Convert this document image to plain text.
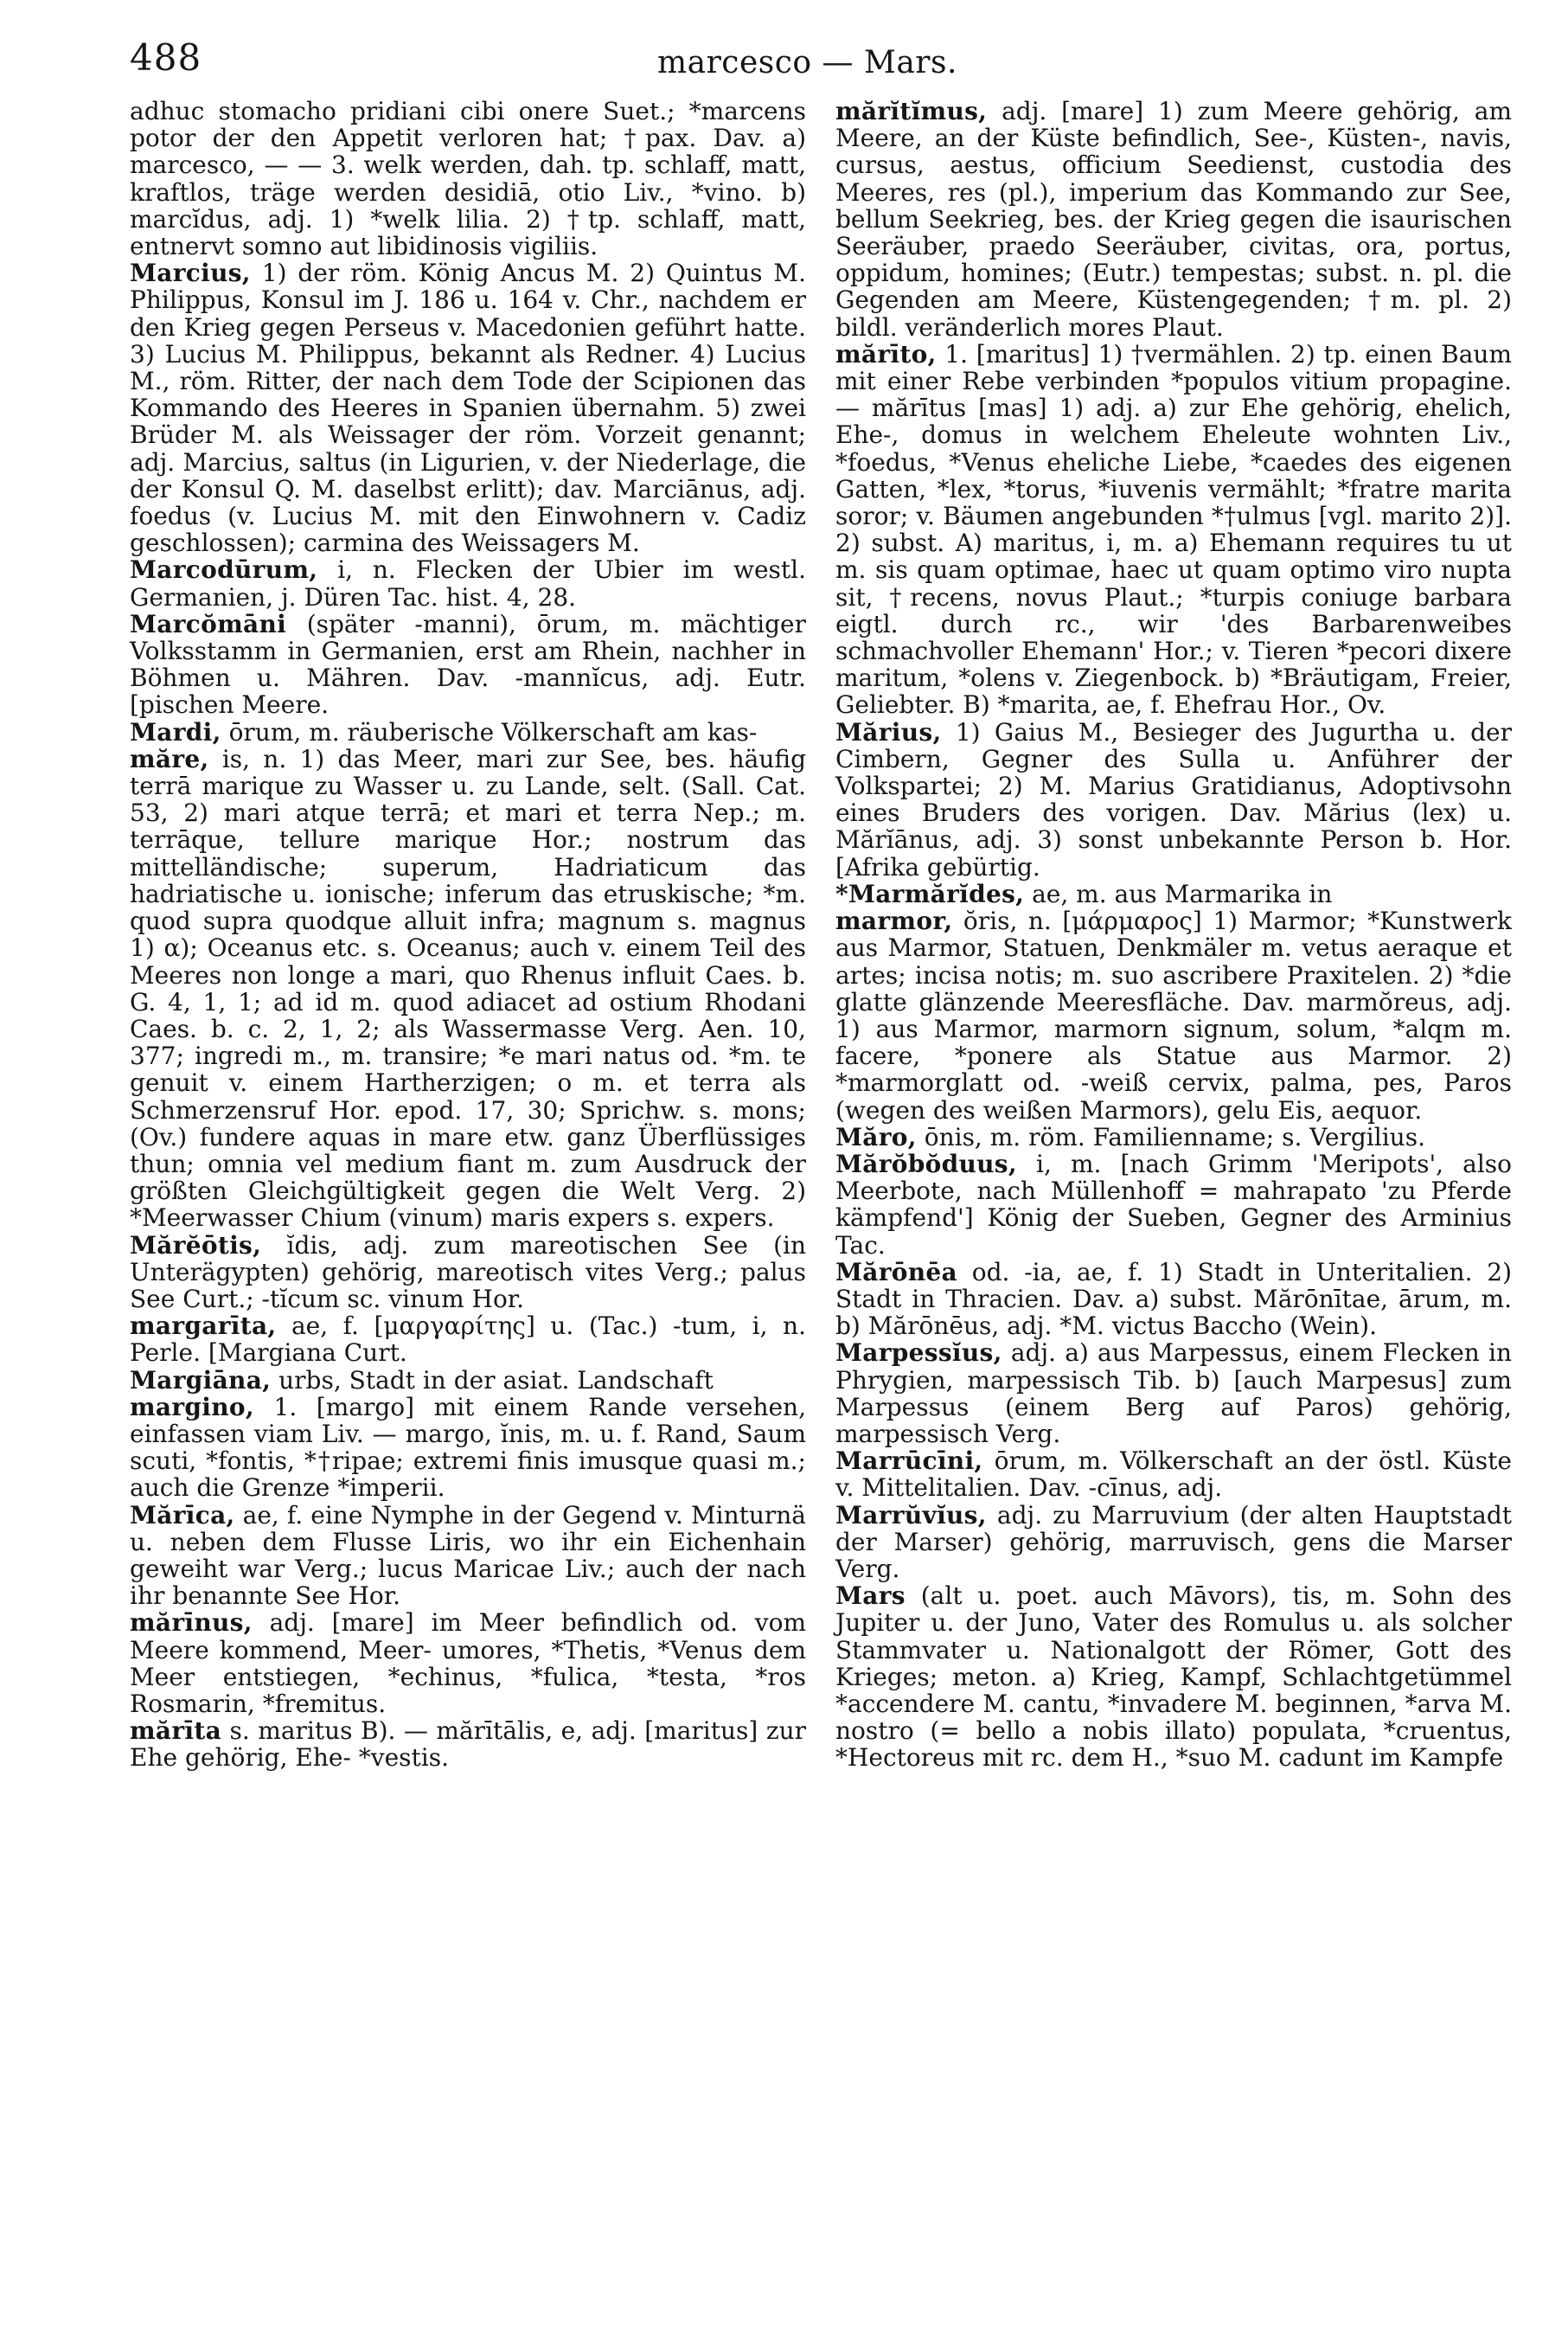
488	marcesco — Mars.

adhuc stomacho pridiani cibi onere Suet.; *marcens potor der den Appetit verloren hat; †pax. Dav. a) marcesco, — — 3. welk werden, dah. tp. schlaff, matt, kraftlos, träge werden desidiā, otio Liv., *vino. b) marcĭdus, adj. 1) *welk lilia. 2) †tp. schlaff, matt, entnervt somno aut libidinosis vigiliis.

Marcius, 1) der röm. König Ancus M. 2) Quintus M. Philippus, Konsul im J. 186 u. 164 v. Chr., nachdem er den Krieg gegen Perseus v. Macedonien geführt hatte. 3) Lucius M. Philippus, bekannt als Redner. 4) Lucius M., röm. Ritter, der nach dem Tode der Scipionen das Kommando des Heeres in Spanien übernahm. 5) zwei Brüder M. als Weissager der röm. Vorzeit genannt; adj. Marcius, saltus (in Ligurien, v. der Niederlage, die der Konsul Q. M. daselbst erlitt); dav. Marciānus, adj. foedus (v. Lucius M. mit den Einwohnern v. Cadiz geschlossen); carmina des Weissagers M.

Marcodūrum, i, n. Flecken der Ubier im westl. Germanien, j. Düren Tac. hist. 4, 28.

Marcŏmāni (später -manni), ōrum, m. mächtiger Volksstamm in Germanien, erst am Rhein, nachher in Böhmen u. Mähren. Dav. -mannĭcus, adj. Eutr. [pischen Meere.

Mardi, ōrum, m. räuberische Völkerschaft am kas-

măre, is, n. 1) das Meer, mari zur See, bes. häufig terrā marique zu Wasser u. zu Lande, selt. (Sall. Cat. 53, 2) mari atque terrā; et mari et terra Nep.; m. terrāque, tellure marique Hor.; nostrum das mittelländische; superum, Hadriaticum das hadriatische u. ionische; inferum das etruskische; *m. quod supra quodque alluit infra; magnum s. magnus 1) α); Oceanus etc. s. Oceanus; auch v. einem Teil des Meeres non longe a mari, quo Rhenus influit Caes. b. G. 4, 1, 1; ad id m. quod adiacet ad ostium Rhodani Caes. b. c. 2, 1, 2; als Wassermasse Verg. Aen. 10, 377; ingredi m., m. transire; *e mari natus od. *m. te genuit v. einem Hartherzigen; o m. et terra als Schmerzensruf Hor. epod. 17, 30; Sprichw. s. mons; (Ov.) fundere aquas in mare etw. ganz Überflüssiges thun; omnia vel medium fiant m. zum Ausdruck der größten Gleichgültigkeit gegen die Welt Verg. 2) *Meerwasser Chium (vinum) maris expers s. expers.

Mărĕōtis, ĭdis, adj. zum mareotischen See (in Unterägypten) gehörig, mareotisch vites Verg.; palus See Curt.; -tĭcum sc. vinum Hor.

margarīta, ae, f. [μαργαρίτης] u. (Tac.) -tum, i, n. Perle. [Margiana Curt.

Margiāna, urbs, Stadt in der asiat. Landschaft

margino, 1. [margo] mit einem Rande versehen, einfassen viam Liv. — margo, ĭnis, m. u. f. Rand, Saum scuti, *fontis, *†ripae; extremi finis imusque quasi m.; auch die Grenze *imperii.

Mărīca, ae, f. eine Nymphe in der Gegend v. Minturnä u. neben dem Flusse Liris, wo ihr ein Eichenhain geweiht war Verg.; lucus Maricae Liv.; auch der nach ihr benannte See Hor.

mărīnus, adj. [mare] im Meer befindlich od. vom Meere kommend, Meer- umores, *Thetis, *Venus dem Meer entstiegen, *echinus, *fulica, *testa, *ros Rosmarin, *fremitus.

mărīta s. maritus B). — mărītālis, e, adj. [maritus] zur Ehe gehörig, Ehe- *vestis.

mărĭtĭmus, adj. [mare] 1) zum Meere gehörig, am Meere, an der Küste befindlich, See-, Küsten-, navis, cursus, aestus, officium Seedienst, custodia des Meeres, res (pl.), imperium das Kommando zur See, bellum Seekrieg, bes. der Krieg gegen die isaurischen Seeräuber, praedo Seeräuber, civitas, ora, portus, oppidum, homines; (Eutr.) tempestas; subst. n. pl. die Gegenden am Meere, Küstengegenden; †m. pl. 2) bildl. veränderlich mores Plaut.

mărīto, 1. [maritus] 1) †vermählen. 2) tp. einen Baum mit einer Rebe verbinden *populos vitium propagine. — mărītus [mas] 1) adj. a) zur Ehe gehörig, ehelich, Ehe-, domus in welchem Eheleute wohnten Liv., *foedus, *Venus eheliche Liebe, *caedes des eigenen Gatten, *lex, *torus, *iuvenis vermählt; *fratre marita soror; v. Bäumen angebunden *†ulmus [vgl. marito 2)]. 2) subst. A) maritus, i, m. a) Ehemann requires tu ut m. sis quam optimae, haec ut quam optimo viro nupta sit, †recens, novus Plaut.; *turpis coniuge barbara eigtl. durch rc., wir 'des Barbarenweibes schmachvoller Ehemann' Hor.; v. Tieren *pecori dixere maritum, *olens v. Ziegenbock. b) *Bräutigam, Freier, Geliebter. B) *marita, ae, f. Ehefrau Hor., Ov.

Mărius, 1) Gaius M., Besieger des Jugurtha u. der Cimbern, Gegner des Sulla u. Anführer der Volkspartei; 2) M. Marius Gratidianus, Adoptivsohn eines Bruders des vorigen. Dav. Mărius (lex) u. Mărĭānus, adj. 3) sonst unbekannte Person b. Hor. [Afrika gebürtig.

*Marmărĭdes, ae, m. aus Marmarika in

marmor, ŏris, n. [μάρμαρος] 1) Marmor; *Kunstwerk aus Marmor, Statuen, Denkmäler m. vetus aeraque et artes; incisa notis; m. suo ascribere Praxitelen. 2) *die glatte glänzende Meeresfläche. Dav. marmŏreus, adj. 1) aus Marmor, marmorn signum, solum, *alqm m. facere, *ponere als Statue aus Marmor. 2) *marmorglatt od. -weiß cervix, palma, pes, Paros (wegen des weißen Marmors), gelu Eis, aequor.

Măro, ōnis, m. röm. Familienname; s. Vergilius.

Mărŏbŏduus, i, m. [nach Grimm 'Meripots', also Meerbote, nach Müllenhoff = mahrapato 'zu Pferde kämpfend'] König der Sueben, Gegner des Arminius Tac.

Mărōnēa od. -ia, ae, f. 1) Stadt in Unteritalien. 2) Stadt in Thracien. Dav. a) subst. Mărōnītae, ārum, m. b) Mărōnēus, adj. *M. victus Baccho (Wein).

Marpessĭus, adj. a) aus Marpessus, einem Flecken in Phrygien, marpessisch Tib. b) [auch Marpesus] zum Marpessus (einem Berg auf Paros) gehörig, marpessisch Verg.

Marrūcīni, ōrum, m. Völkerschaft an der östl. Küste v. Mittelitalien. Dav. -cīnus, adj.

Marrŭvĭus, adj. zu Marruvium (der alten Hauptstadt der Marser) gehörig, marruvisch, gens die Marser Verg.

Mars (alt u. poet. auch Māvors), tis, m. Sohn des Jupiter u. der Juno, Vater des Romulus u. als solcher Stammvater u. Nationalgott der Römer, Gott des Krieges; meton. a) Krieg, Kampf, Schlachtgetümmel *accendere M. cantu, *invadere M. beginnen, *arva M. nostro (= bello a nobis illato) populata, *cruentus, *Hectoreus mit rc. dem H., *suo M. cadunt im Kampfe
